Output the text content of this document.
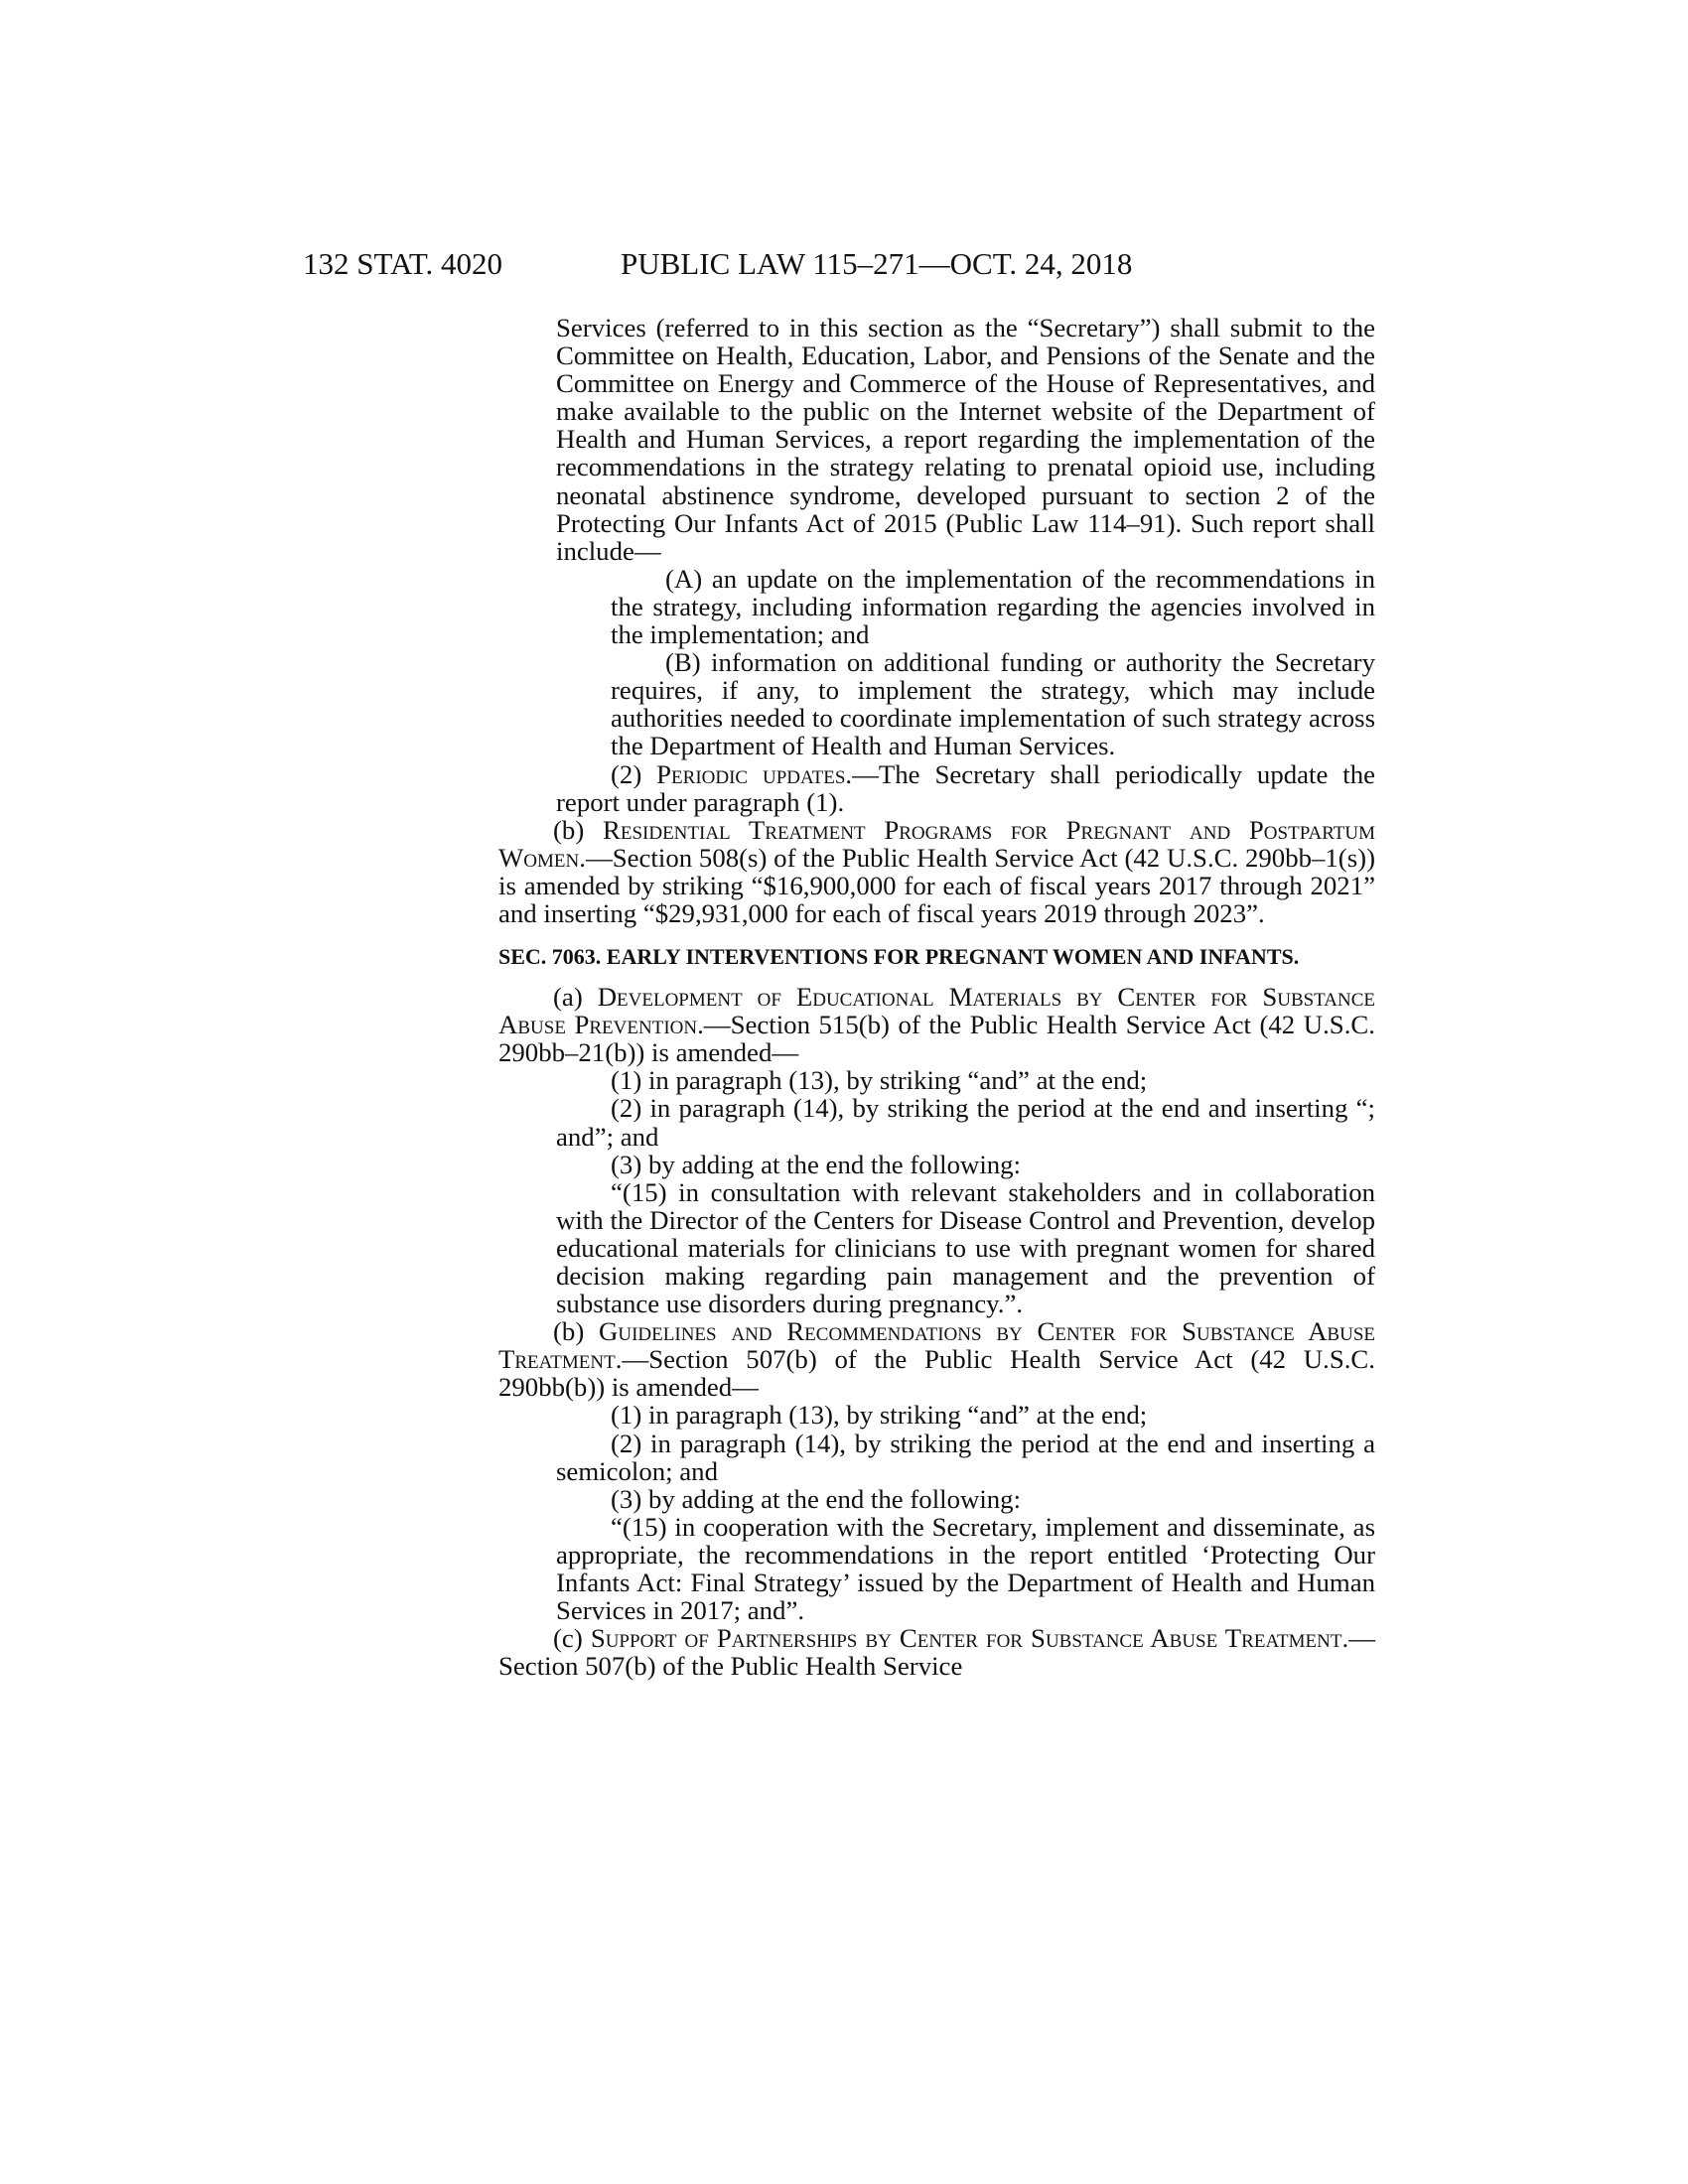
132 STAT. 4020	PUBLIC LAW 115–271—OCT. 24, 2018

Services (referred to in this section as the “Secretary”) shall submit to the Committee on Health, Education, Labor, and Pensions of the Senate and the Committee on Energy and Commerce of the House of Representatives, and make available to the public on the Internet website of the Department of Health and Human Services, a report regarding the implementation of the recommendations in the strategy relating to prenatal opioid use, including neonatal abstinence syndrome, developed pursuant to section 2 of the Protecting Our Infants Act of 2015 (Public Law 114–91). Such report shall include—

(A) an update on the implementation of the recommendations in the strategy, including information regarding the agencies involved in the implementation; and

(B) information on additional funding or authority the Secretary requires, if any, to implement the strategy, which may include authorities needed to coordinate implementation of such strategy across the Department of Health and Human Services.

(2) Periodic updates.—The Secretary shall periodically update the report under paragraph (1).

(b) Residential Treatment Programs for Pregnant and Postpartum Women.—Section 508(s) of the Public Health Service Act (42 U.S.C. 290bb–1(s)) is amended by striking “$16,900,000 for each of fiscal years 2017 through 2021” and inserting “$29,931,000 for each of fiscal years 2019 through 2023”.

SEC. 7063. EARLY INTERVENTIONS FOR PREGNANT WOMEN AND INFANTS.

(a) Development of Educational Materials by Center for Substance Abuse Prevention.—Section 515(b) of the Public Health Service Act (42 U.S.C. 290bb–21(b)) is amended—

(1) in paragraph (13), by striking “and” at the end;

(2) in paragraph (14), by striking the period at the end and inserting “; and”; and

(3) by adding at the end the following:

“(15) in consultation with relevant stakeholders and in collaboration with the Director of the Centers for Disease Control and Prevention, develop educational materials for clinicians to use with pregnant women for shared decision making regarding pain management and the prevention of substance use disorders during pregnancy.”.

(b) Guidelines and Recommendations by Center for Substance Abuse Treatment.—Section 507(b) of the Public Health Service Act (42 U.S.C. 290bb(b)) is amended—

(1) in paragraph (13), by striking “and” at the end;

(2) in paragraph (14), by striking the period at the end and inserting a semicolon; and

(3) by adding at the end the following:

“(15) in cooperation with the Secretary, implement and disseminate, as appropriate, the recommendations in the report entitled ‘Protecting Our Infants Act: Final Strategy’ issued by the Department of Health and Human Services in 2017; and”.

(c) Support of Partnerships by Center for Substance Abuse Treatment.—Section 507(b) of the Public Health Service
